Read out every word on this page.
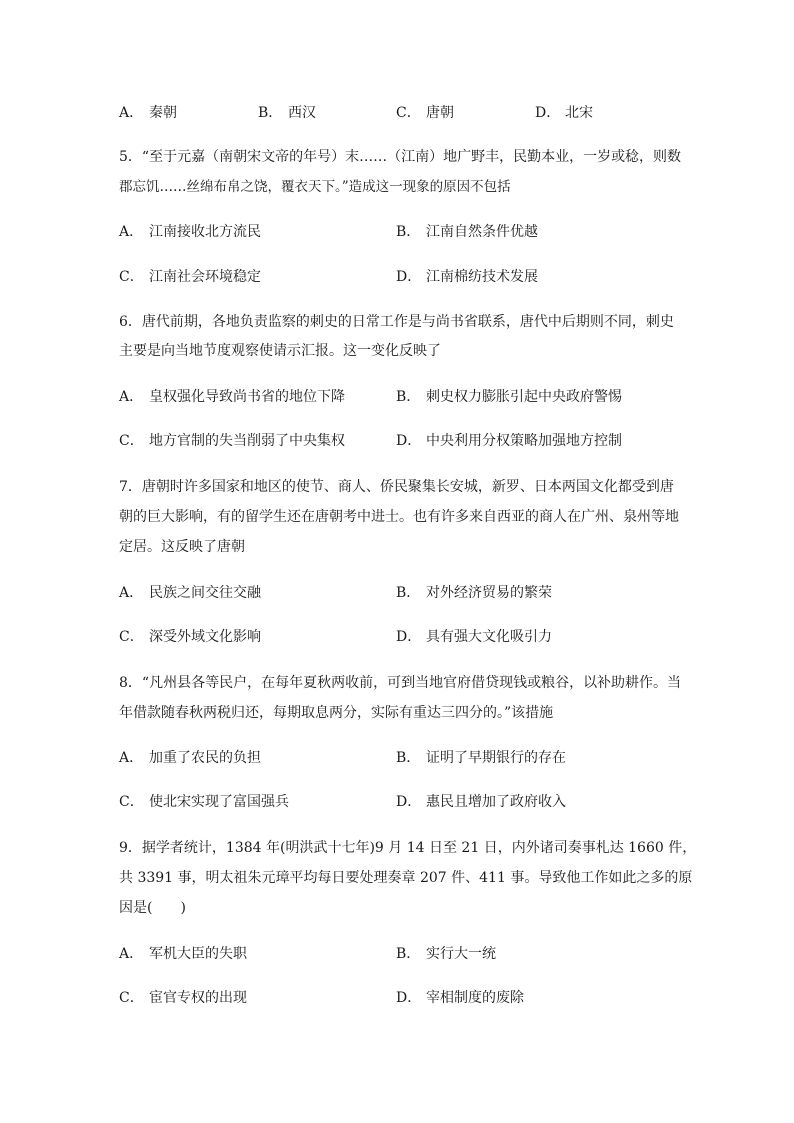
A． 秦朝	B． 西汉	C． 唐朝	D． 北宋
5．“至于元嘉（南朝宋文帝的年号）末……（江南）地广野丰，民勤本业，一岁或稔，则数
郡忘饥……丝绵布帛之饶，覆衣天下。”造成这一现象的原因不包括
A． 江南接收北方流民	B． 江南自然条件优越
C． 江南社会环境稳定	D． 江南棉纺技术发展
6．唐代前期，各地负责监察的刺史的日常工作是与尚书省联系，唐代中后期则不同，刺史
主要是向当地节度观察使请示汇报。这一变化反映了
A． 皇权强化导致尚书省的地位下降	B． 刺史权力膨胀引起中央政府警惕
C． 地方官制的失当削弱了中央集权	D． 中央利用分权策略加强地方控制
7．唐朝时许多国家和地区的使节、商人、侨民聚集长安城，新罗、日本两国文化都受到唐
朝的巨大影响，有的留学生还在唐朝考中进士。也有许多来自西亚的商人在广州、泉州等地
定居。这反映了唐朝
A． 民族之间交往交融	B． 对外经济贸易的繁荣
C． 深受外域文化影响	D． 具有强大文化吸引力
8．“凡州县各等民户，在每年夏秋两收前，可到当地官府借贷现钱或粮谷，以补助耕作。当
年借款随春秋两税归还，每期取息两分，实际有重达三四分的。”该措施
A． 加重了农民的负担	B． 证明了早期银行的存在
C． 使北宋实现了富国强兵	D． 惠民且增加了政府收入
9．据学者统计，1384 年(明洪武十七年)9 月 14 日至 21 日，内外诸司奏事札达 1660 件，
共 3391 事，明太祖朱元璋平均每日要处理奏章 207 件、411 事。导致他工作如此之多的原
因是(　　)
A． 军机大臣的失职	B． 实行大一统
C． 宦官专权的出现	D． 宰相制度的废除
